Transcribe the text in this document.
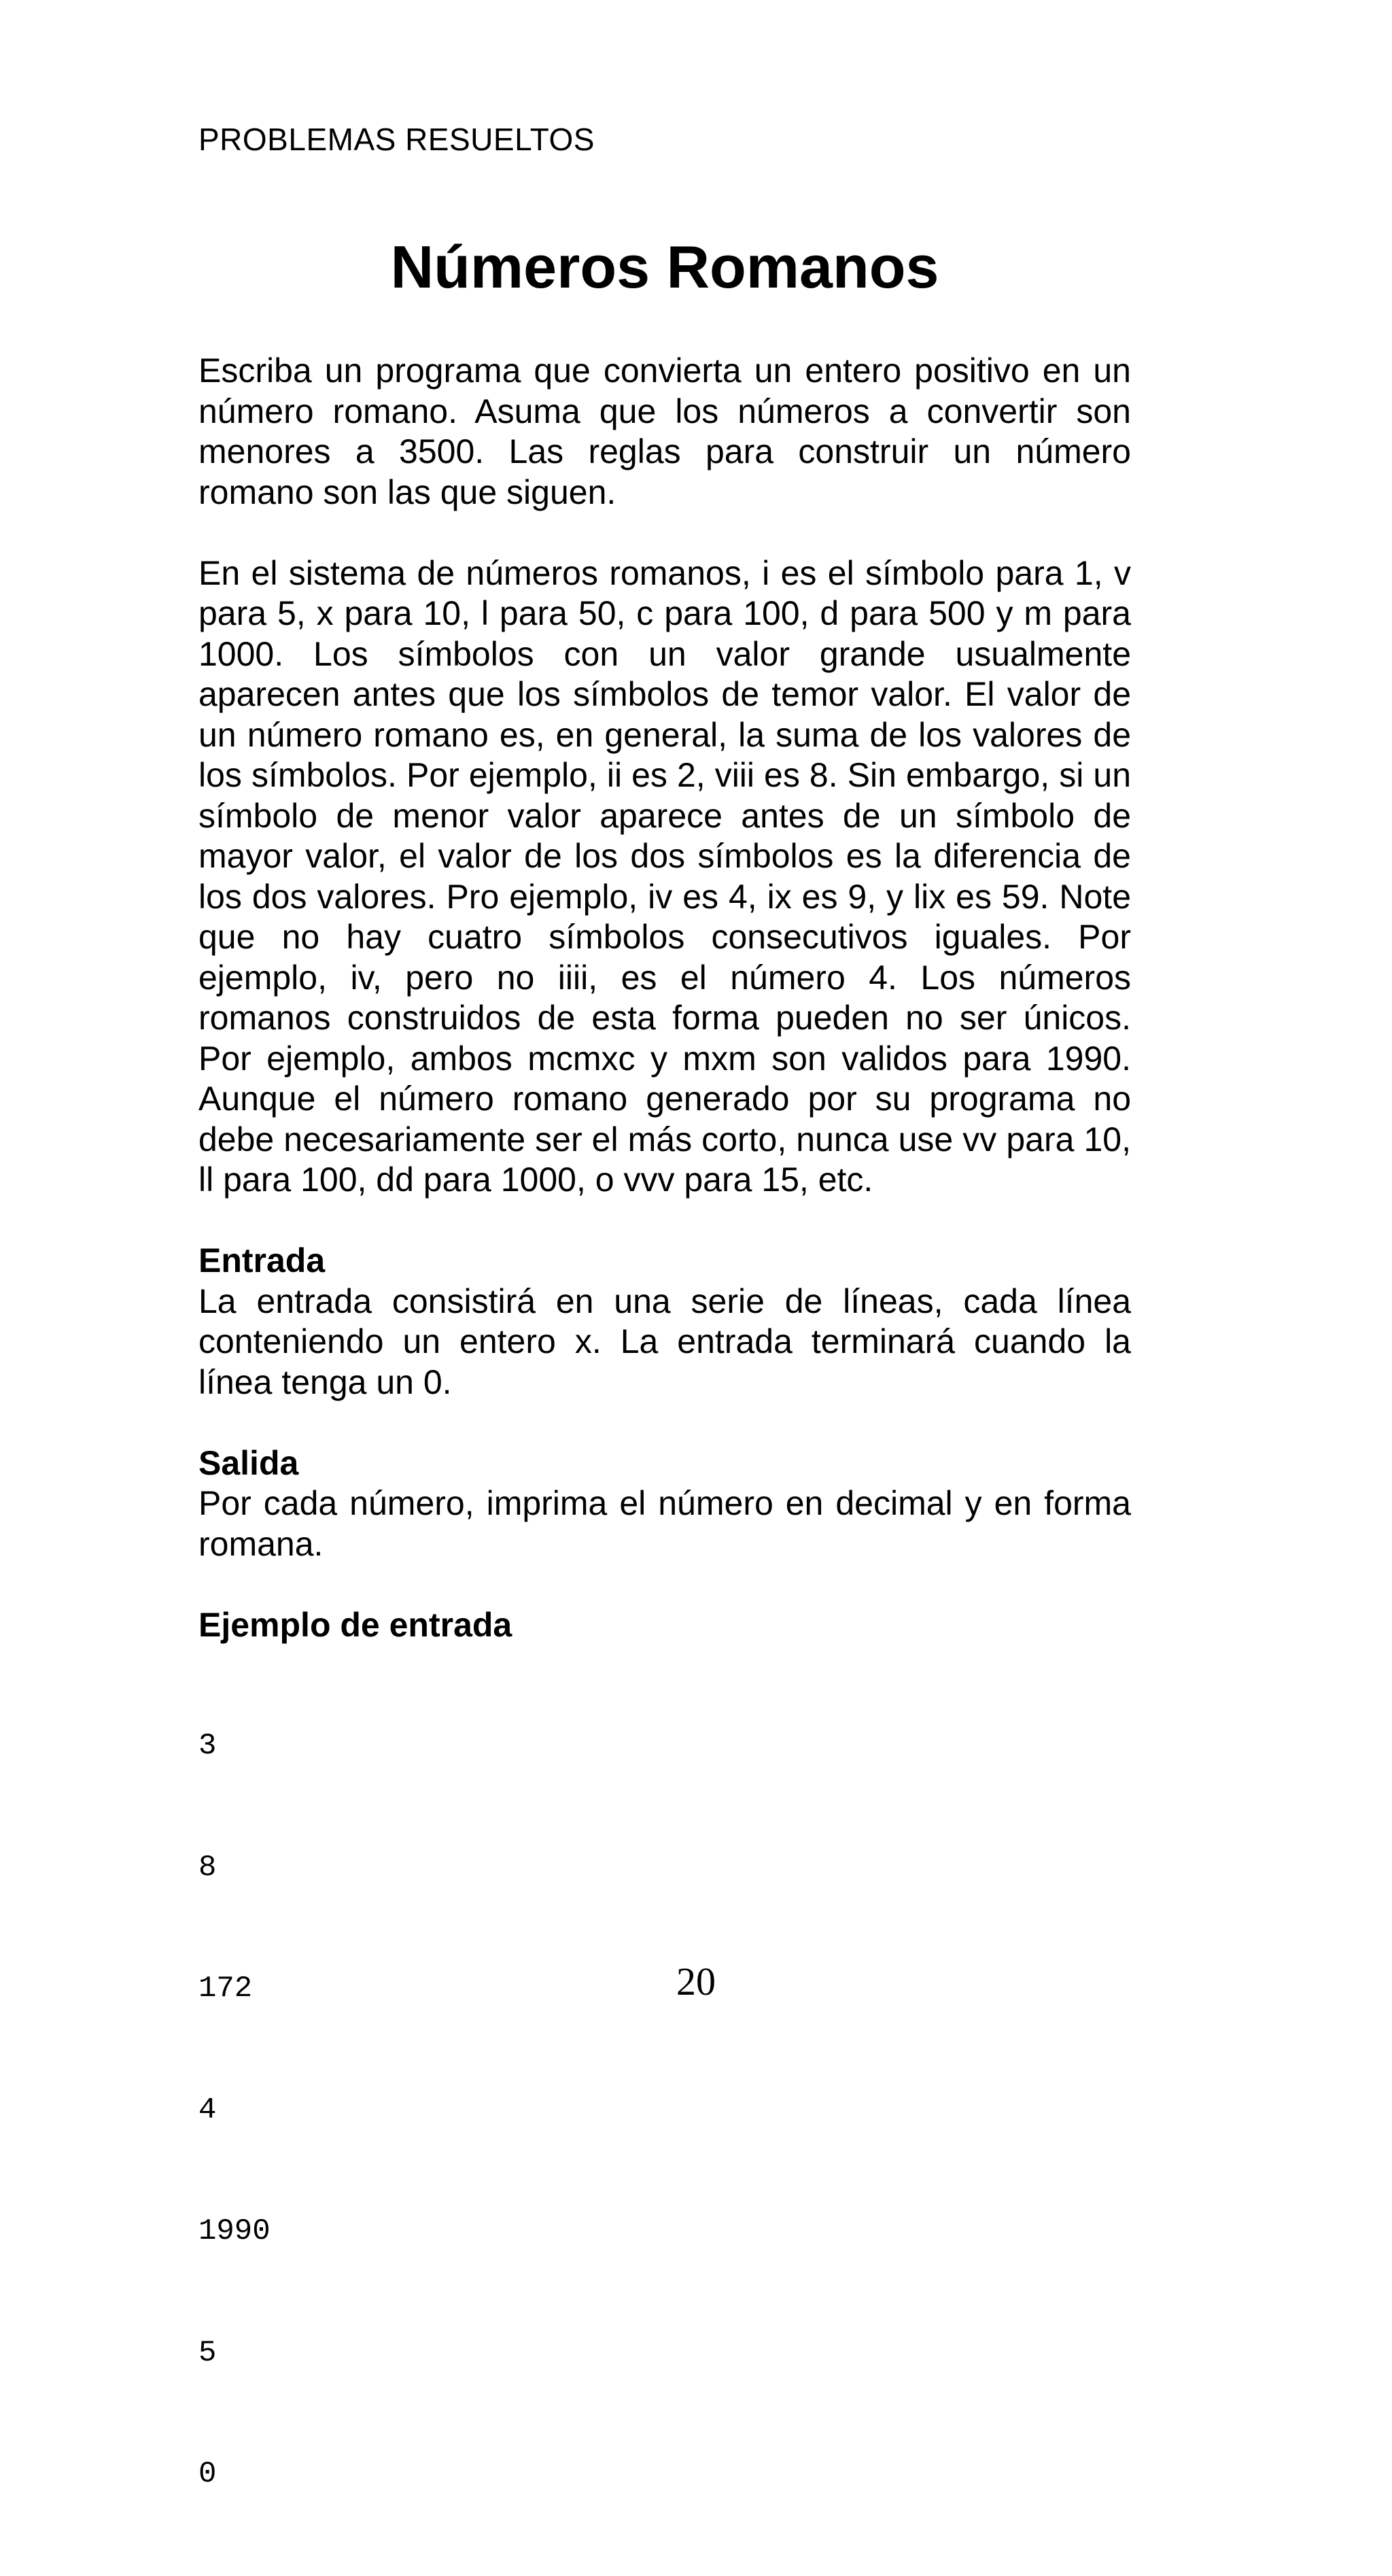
PROBLEMAS RESUELTOS
Números Romanos

Escriba un programa que convierta un entero positivo en un número romano. Asuma que los números a convertir son menores a 3500. Las reglas para construir un número romano son las que siguen.

En el sistema de números romanos, i es el símbolo para 1, v para 5, x para 10, l para 50, c para 100, d para 500 y m para 1000. Los símbolos con un valor grande usualmente aparecen antes que los símbolos de temor valor. El valor de un número romano es, en general, la suma de los valores de los símbolos. Por ejemplo, ii es 2, viii es 8. Sin embargo, si un símbolo de menor valor aparece antes de un símbolo de mayor valor, el valor de los dos símbolos es la diferencia de los dos valores. Pro ejemplo, iv es 4, ix es 9, y lix es 59. Note que no hay cuatro símbolos consecutivos iguales. Por ejemplo, iv, pero no iiii, es el número 4. Los números romanos construidos de esta forma pueden no ser únicos. Por ejemplo, ambos mcmxc y mxm son validos para 1990. Aunque el número romano generado por su programa no debe necesariamente ser el más corto, nunca use vv para 10, ll para 100, dd para 1000, o vvv para 15, etc.

Entrada

La entrada consistirá en una serie de líneas, cada línea conteniendo un entero x. La entrada terminará cuando la línea tenga un 0.

Salida

Por cada número, imprima el número en decimal y en forma romana.

Ejemplo de entrada

3

8

172

4

1990

5

0

20
